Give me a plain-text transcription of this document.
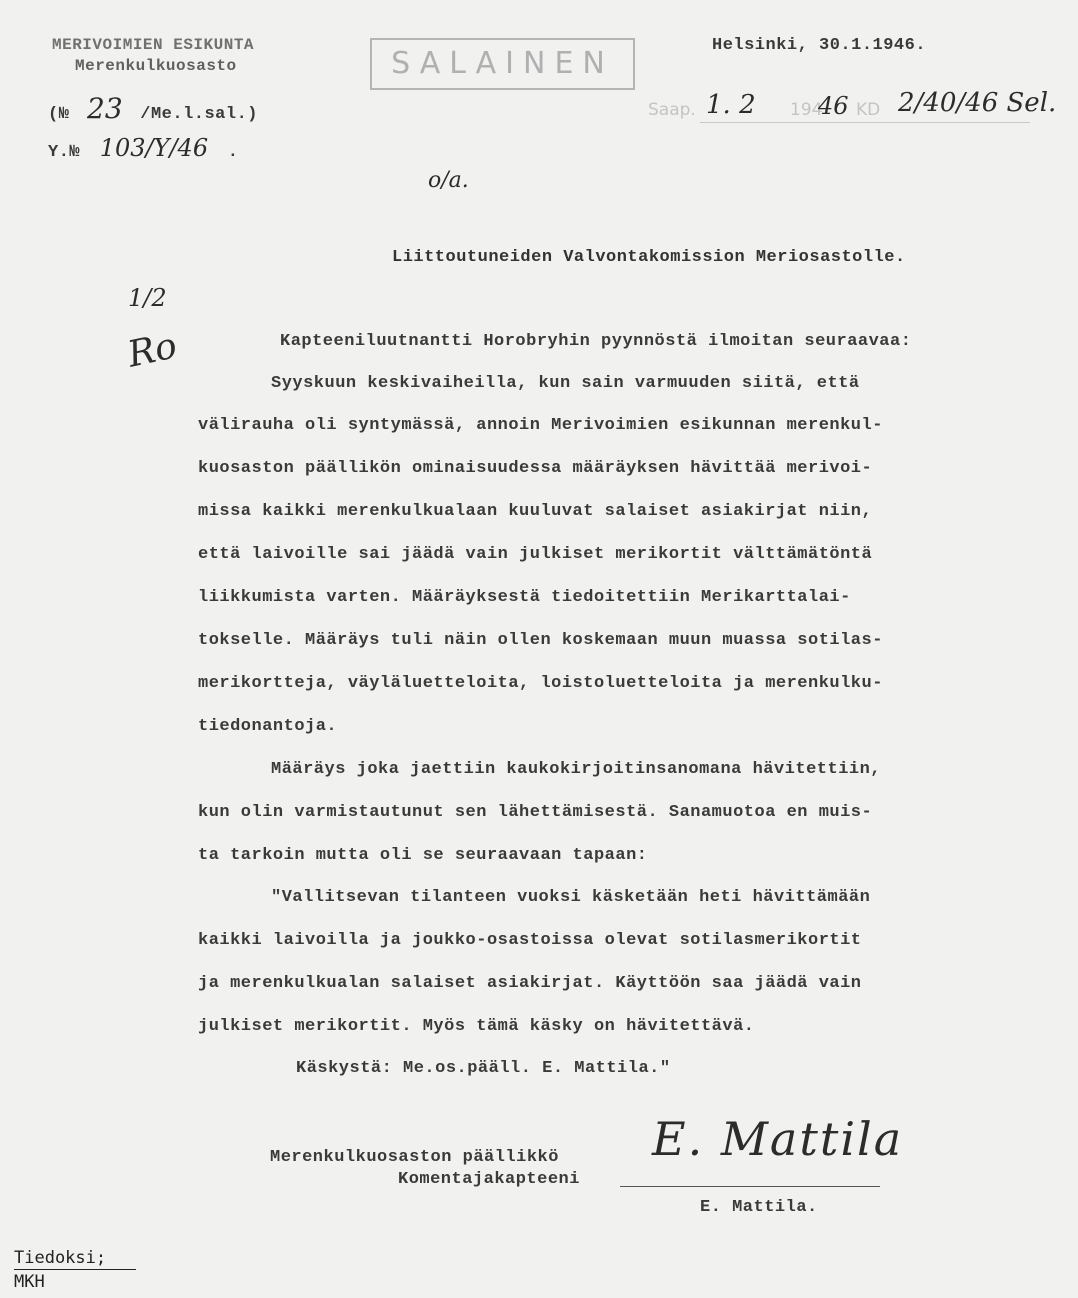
MERIVOIMIEN ESIKUNTA
Merenkulkuosasto	SALAINEN
Helsinki, 30.1.1946.
(№ 23 /Me.l.sal.)
Y.№ 103/Y/46 .
Saap. 1. 2 194
46 KD 2/40/46 Sel.
o/a.
1/2
Ro
Liittoutuneiden Valvontakomission Meriosastolle.
Kapteeniluutnantti Horobryhin pyynnöstä ilmoitan seuraavaa:
Syyskuun keskivaiheilla, kun sain varmuuden siitä, että
välirauha oli syntymässä, annoin Merivoimien esikunnan merenkul-
kuosaston päällikön ominaisuudessa määräyksen hävittää merivoi-
missa kaikki merenkulkualaan kuuluvat salaiset asiakirjat niin,
että laivoille sai jäädä vain julkiset merikortit välttämätöntä
liikkumista varten. Määräyksestä tiedoitettiin Merikarttalai-
tokselle. Määräys tuli näin ollen koskemaan muun muassa sotilas-
merikortteja, väyläluetteloita, loistoluetteloita ja merenkulku-
tiedonantoja.
Määräys joka jaettiin kaukokirjoitinsanomana hävitettiin,
kun olin varmistautunut sen lähettämisestä. Sanamuotoa en muis-
ta tarkoin mutta oli se seuraavaan tapaan:
"Vallitsevan tilanteen vuoksi käsketään heti hävittämään
kaikki laivoilla ja joukko-osastoissa olevat sotilasmerikortit
ja merenkulkualan salaiset asiakirjat. Käyttöön saa jäädä vain
julkiset merikortit. Myös tämä käsky on hävitettävä.
Käskystä: Me.os.pääll. E. Mattila."
Merenkulkuosaston päällikkö
Komentajakapteeni
E. Mattila
E. Mattila.
Tiedoksi;
MKH
